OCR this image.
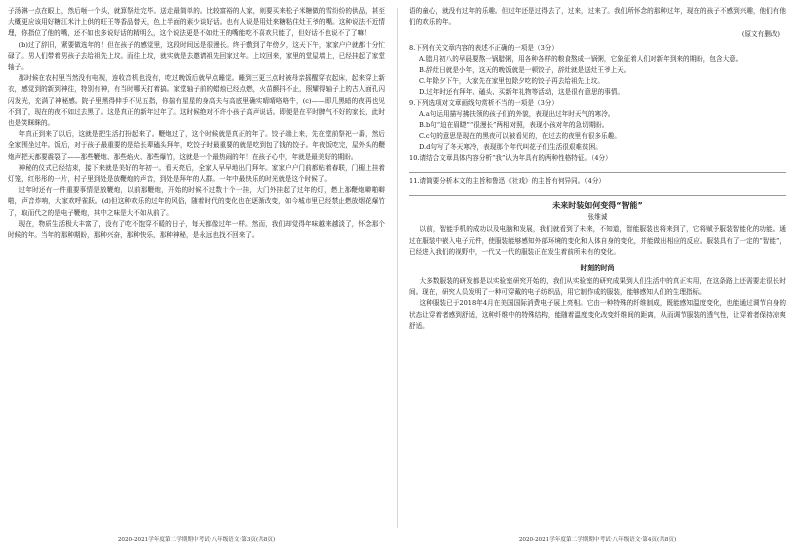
子汤淋一点在眼上，然后咂一个头，就算祭灶完毕。送走最简单的。比较富裕的人家，则要买来松子米糖做的雪纷纷的供品，甚至大概更应该用好糖江米汁上供的旺王等香品替天，色上半面的素少谈好话。也有人说是用灶来糖粘住灶王爷的嘴。这种说法不近情理，你指位了他的嘴，还不如也多说好话的精明么，这个说法更是不如灶王的嘴能吃不喜欢只能了，但好话不也说不了了嘛！

(b)过了辞旧，紧要做选年的！但在孩子的感觉里，这段时间远是很漫长。终于敷到了年傍夕，这天下午，家家户户就都十分忙碌了。男人们带着男孩子去给祖先上坟。而往上坟，就实就是去邀请祖先回家过年。上坟回来，家里的堂屋墙上，已经挂起了家堂轴子。

那时候在农村里当然没有电视，连收音机也没有，吃过晚饭后就早点睡觉。睡到三更三点时被母亲摇醒穿衣起床，起来穿上新衣，感觉到的新到神往，特别有神，有当时哪天打着搞。家堂轴子前的蜡烛已经点燃，火苗颤抖不止，照耀得轴子上的古人面孔闪闪发光，充满了神秘感。院子里黑得伸手不见五指，你揣有星星的身高夫与高底里确实晴晴咯咯牛，(c)——即几黑暗的夜再也见不到了，现在的夜不如过去黑了。这是真正的新年过年了。这时候绝对不许小孩子高声说话。即便是在平时脾气不好的家长，此时也是笑眯眯的。

年真正到来了以后，这就是把生活打扮起来了。鞭炮过了，这个时候就是真正的年了。饺子端上来，先在堂前祭祀一番，然后全家围坐过年。饭后，对于孩子最重要的是给长辈磕头拜年，吃饺子时最重要的就是吃到包了钱的饺子。年夜饭吃完，屋外头的鞭炮声把天都要震裂了——那些鞭炮、那些焰火、那些爆竹，这就是一个最热闹的年！在孩子心中，年就是最美好的期盼。

神秘的仪式已经结束，接下来就是美好的年初一。看天亮后，全家人早早地出门拜年。家家户户门前都贴着春联，门楣上挂着灯笼，红彤彤的一片，村子里到处是放鞭炮的声音，到处是拜年的人群。一年中最快乐的时光就是这个时候了。

过年时还有一件重要事情是放鞭炮，以前那鞭炮，开始的时候不过数十个一挂，大门外挂起了过年的灯，燃上那鞭炮噼啪噼啪，声音炸响，大家欢呼雀跃。(d)但这种欢乐的过年的风俗，随着时代的变化也在逐渐改变，如今城市里已经禁止燃放烟花爆竹了，取而代之的是电子鞭炮，其中之味是大不如从前了。

现在，物质生活极大丰富了，没有了吃不饱穿不暖的日子，每天都像过年一样。然而，我们却觉得年味越来越淡了，怀念那个时候的年。当年的那种期盼，那种兴奋，那种快乐，那种神秘，是永远也找不回来了。

2020-2021学年度第二学期期中考试·八年级语文·第3页(共8页)

语的童心，就没有过年的乐趣。但过年还是过得去了，过来，过来了。我们所怀念的那种过年，现在的孩子不感到兴趣，他们有他们的欢乐的年。

(原文有删改)

8.下列有关文章内容的表述不正确的一项是（3分）

A.腊月初八的早晨要熬一锅腊粥，用各种各样的粮食熬成一锅粥，它象征着人们对新年到来的期盼，包含大意。

B.辞灶日就是小年，这天的晚饭就是一顿饺子，辞灶就是送灶王爷上天。

C.年除夕下午，大家先在家里包除夕吃的饺子再去给祖先上坟。

D.过年时还有拜年、磕头、买新年礼物等活动，这是很有意思的事情。

9.下列选项对文章画线句赏析不当的一项是（3分）

A.a句运用描写拂扶领的孩子们的外貌，表现出过年时天气的寒冷。

B.b句“迫在眉睫”“很漫长”两相对照，表现小孩对年的急切期盼。

C.c句的意思是现在的黑夜可以被看见的，在过去的夜里有很多乐趣。

D.d句写了冬天寒冷，表现那个年代叫花子们生活很艰难贫困。

10.请结合文章具体内容分析“我”认为年具有的两种性格特征。（4分）

11.请简要分析本文的主旨和鲁迅《社戏》的主旨有何异同。（4分）

未来时装如何变得“智能”
张维诚

以前，智能手机的成功以及电脑和发展，我们就看到了未来，不知道，智能服装也将来到了，它将赋予服装智能化的功能。通过在服装中嵌入电子元件，使服装能够感知外部环境的变化和人体自身的变化，并能做出相应的反应。服装具有了一定的“智能”，已经进入我们的视野中，一代又一代的服装正在发生着前所未有的变化。

时刻的时尚

大多数服装的研发都是以实验室研究开始的，我们从实验室的研究成果到人们生活中的真正实用，在这条路上还需要走很长时间。现在，研究人员发明了一种可穿戴的电子纺织品，用它制作成的服装，能够感知人们的生理指标。

这种服装已于2018年4月在美国国际消费电子展上亮相。它由一种特殊的纤维制成，既能感知温度变化，也能通过调节自身的状态让穿着者感到舒适，这种纤维中的特殊结构，能随着温度变化改变纤维间的距离，从而调节服装的透气性，让穿着者保持凉爽舒适。

2020-2021学年度第二学期期中考试·八年级语文·第4页(共8页)
